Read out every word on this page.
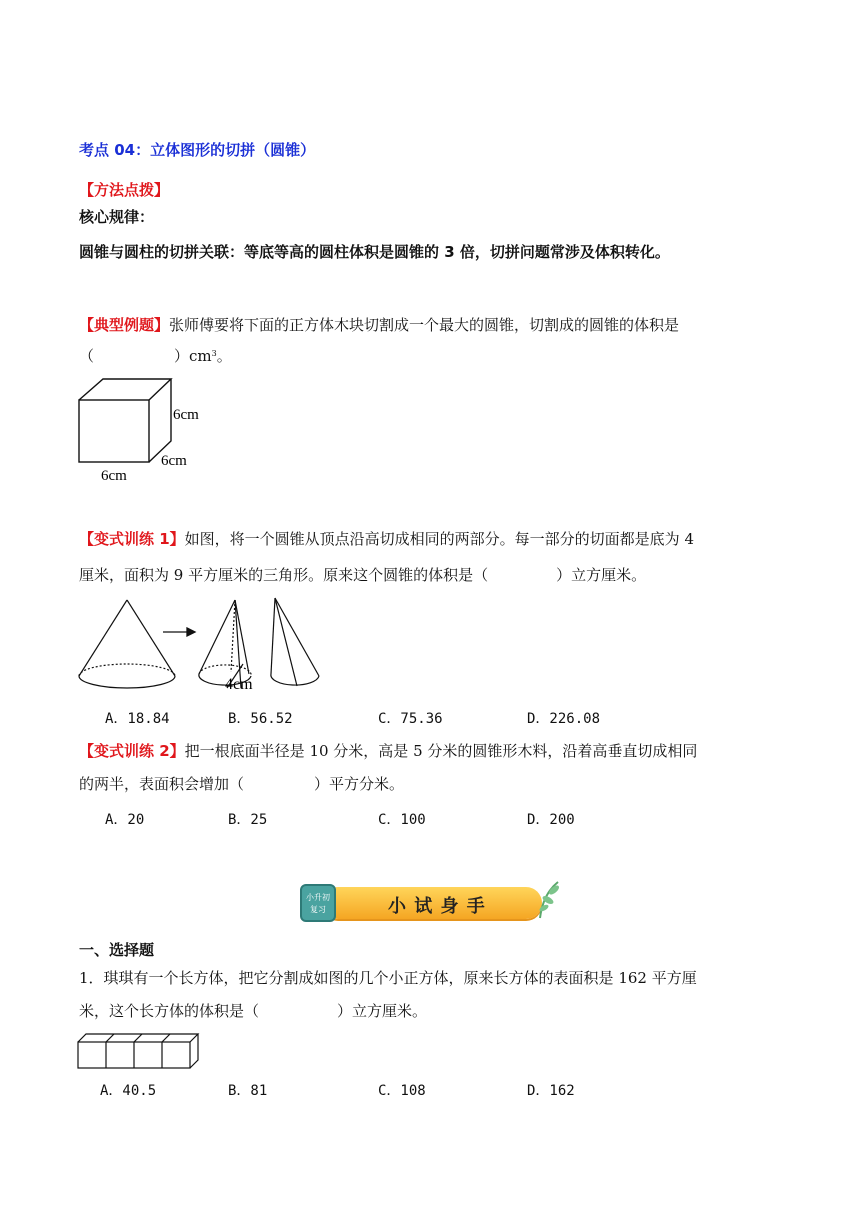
考点 04：立体图形的切拼（圆锥）
【方法点拨】
核心规律：
圆锥与圆柱的切拼关联：等底等高的圆柱体积是圆锥的 3 倍，切拼问题常涉及体积转化。
【典型例题】张师傅要将下面的正方体木块切割成一个最大的圆锥，切割成的圆锥的体积是
（	）$cm^3$。
6cm
6cm
6cm
【变式训练 1】如图，将一个圆锥从顶点沿高切成相同的两部分。每一部分的切面都是底为 4
厘米，面积为 9 平方厘米的三角形。原来这个圆锥的体积是（	）立方厘米。
4cm
A．18.84	B．56.52	C．75.36	D．226.08
【变式训练 2】把一根底面半径是 10 分米，高是 5 分米的圆锥形木料，沿着高垂直切成相同
的两半，表面积会增加（	）平方分米。
A．20	B．25	C．100	D．200
小升初
复习	小 试 身 手
一、选择题
1．琪琪有一个长方体，把它分割成如图的几个小正方体，原来长方体的表面积是 162 平方厘
米，这个长方体的体积是（	）立方厘米。
A．40.5	B．81	C．108	D．162
